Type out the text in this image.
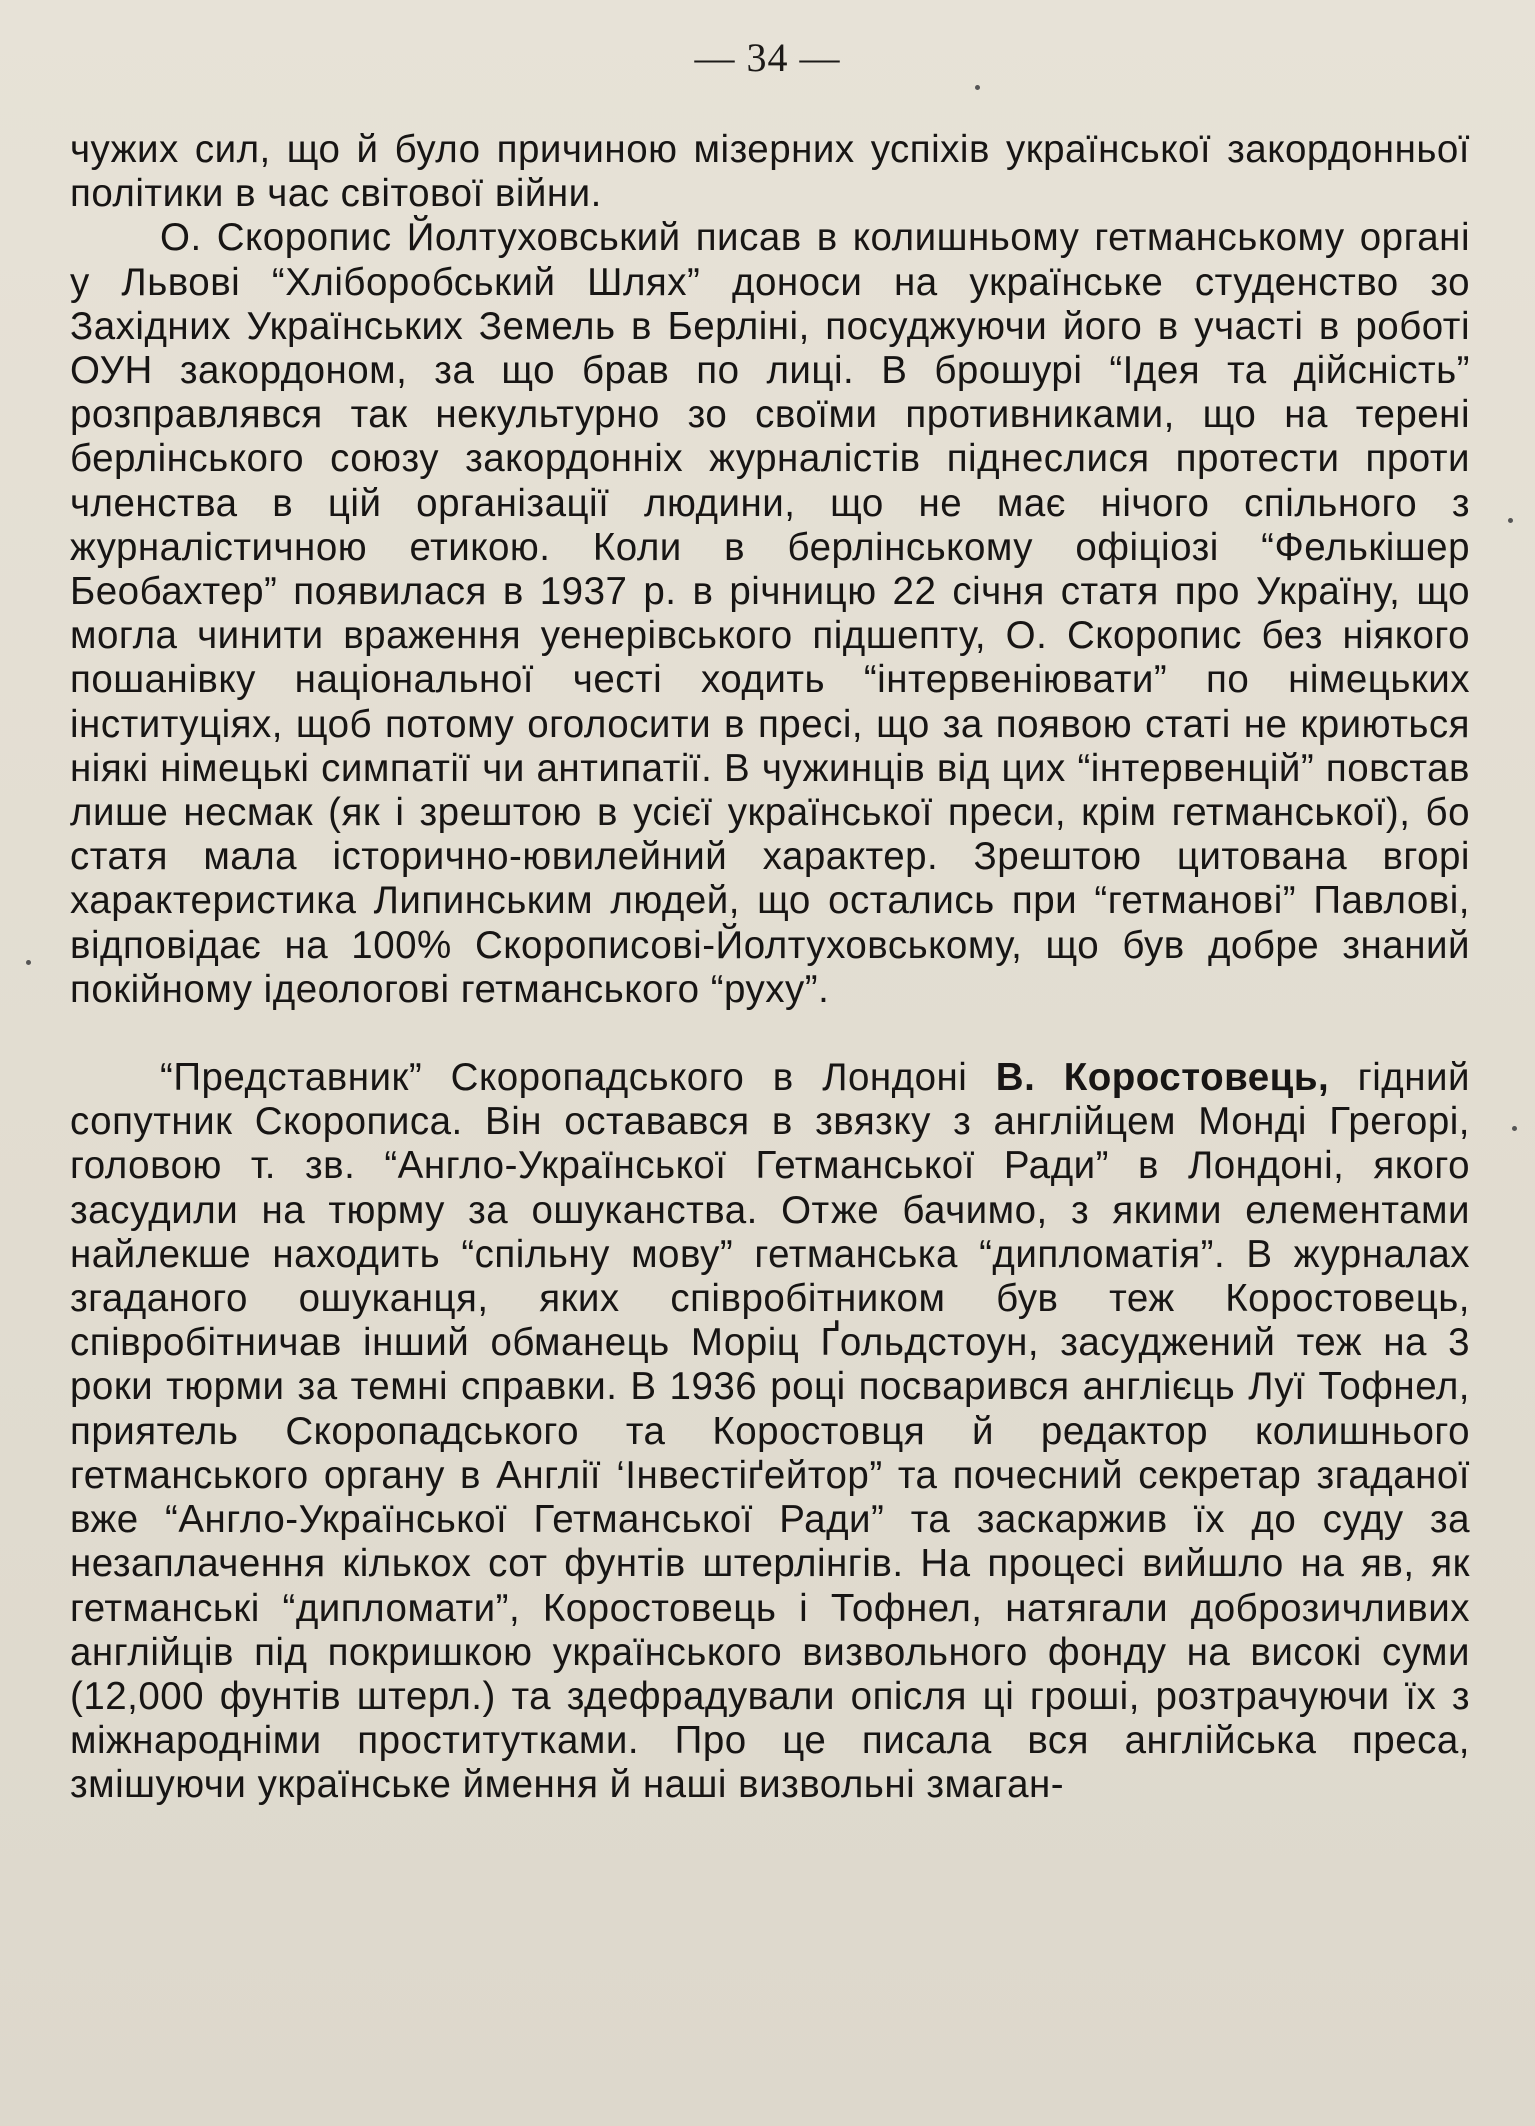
— 34 —

чужих сил, що й було причиною мізерних успіхів української закордонньої політики в час світової війни.

О. Скоропис Йолтуховський писав в колишньому гетманському органі у Львові “Хліборобський Шлях” доноси на українське студенство зо Західних Українських Земель в Берліні, посуджуючи його в участі в роботі ОУН закордоном, за що брав по лиці. В брошурі “Ідея та дійсність” розправлявся так некультурно зо своїми противниками, що на терені берлінського союзу закордонніх журналістів піднеслися протести проти членства в цій організації людини, що не має нічого спільного з журналістичною етикою. Коли в берлінському офіціозі “Фелькішер Беобахтер” появилася в 1937 р. в річницю 22 січня статя про Україну, що могла чинити враження уенерівського підшепту, О. Скоропис без ніякого пошанівку національної честі ходить “інтервеніювати” по німецьких інституціях, щоб потому оголосити в пресі, що за появою статі не криються ніякі німецькі симпатії чи антипатії. В чужинців від цих “інтервенцій” повстав лише несмак (як і зрештою в усієї української преси, крім гетманської), бо статя мала історично-ювилейний характер. Зрештою цитована вгорі характеристика Липинським людей, що остались при “гетманові” Павлові, відповідає на 100% Скорописові-Йолтуховському, що був добре знаний покійному ідеологові гетманського “руху”.

“Представник” Скоропадського в Лондоні В. Коростовець, гідний сопутник Скорописа. Він оставався в звязку з англійцем Монді Грегорі, головою т. зв. “Англо-Української Гетманської Ради” в Лондоні, якого засудили на тюрму за ошуканства. Отже бачимо, з якими елементами найлекше находить “спільну мову” гетманська “дипломатія”. В журналах згаданого ошуканця, яких співробітником був теж Коростовець, співробітничав інший обманець Моріц Ґольдстоун, засуджений теж на 3 роки тюрми за темні справки. В 1936 році посварився англієць Луї Тофнел, приятель Скоропадського та Коростовця й редактор колишнього гетманського органу в Англії ‘Інвестіґейтор” та почесний секретар згаданої вже “Англо-Української Гетманської Ради” та заскаржив їх до суду за незаплачення кількох сот фунтів штерлінгів. На процесі вийшло на яв, як гетманські “дипломати”, Коростовець і Тофнел, натягали доброзичливих англійців під покришкою українського визвольного фонду на високі суми (12,000 фунтів штерл.) та здефрадували опісля ці гроші, розтрачуючи їх з міжнародніми проститутками. Про це писала вся англійська преса, змішуючи українське ймення й наші визвольні змаган-
